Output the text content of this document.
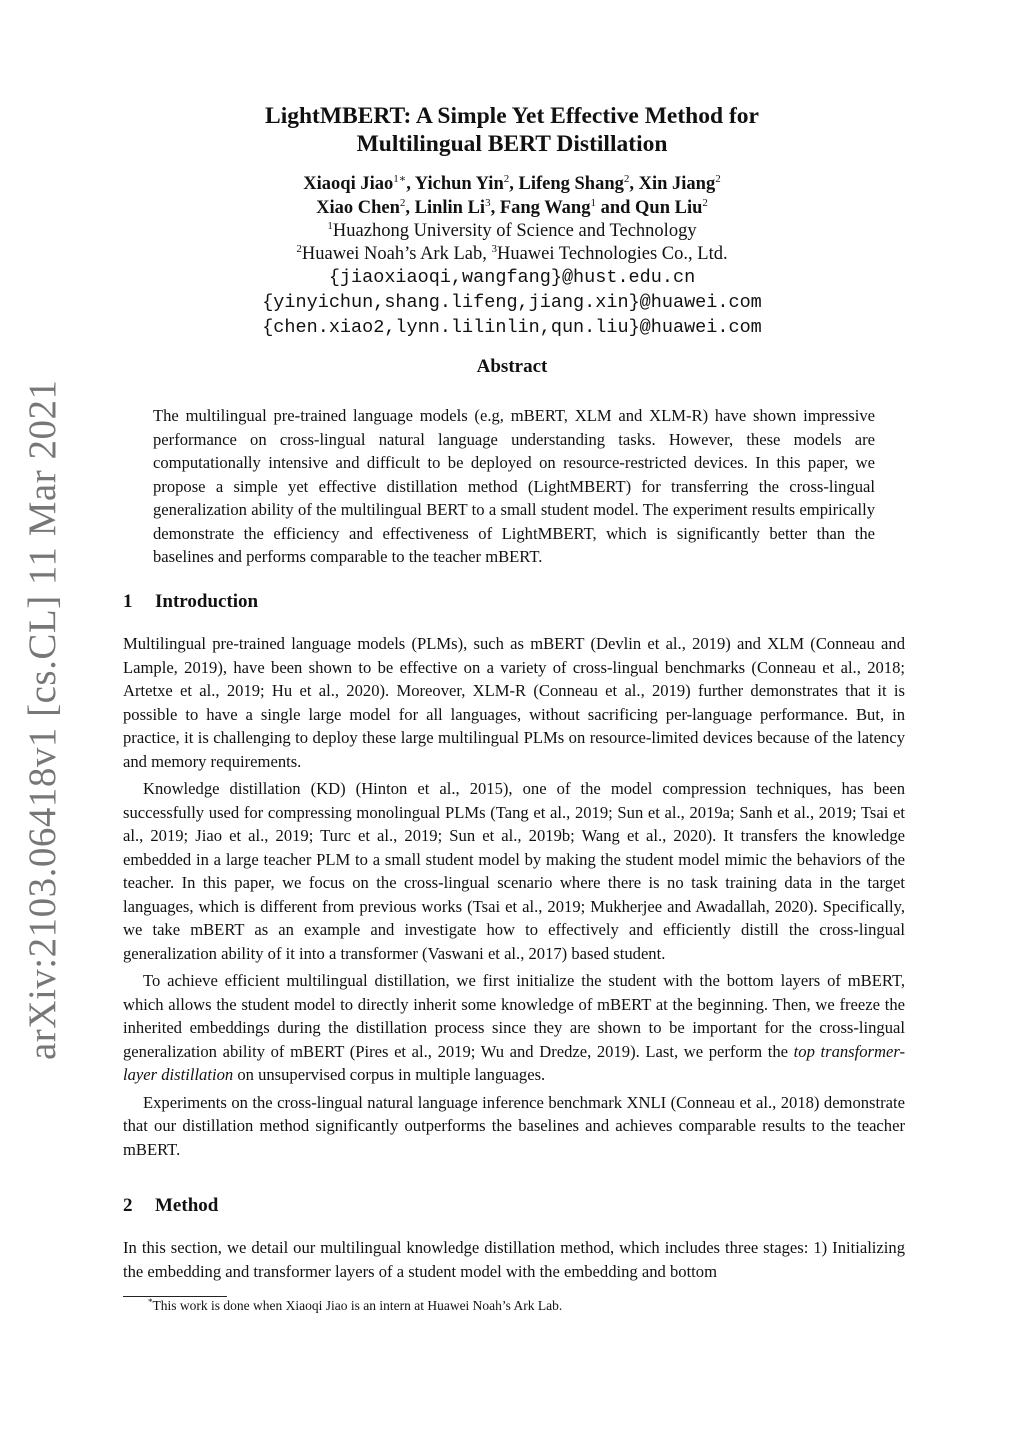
arXiv:2103.06418v1 [cs.CL] 11 Mar 2021
LightMBERT: A Simple Yet Effective Method for
Multilingual BERT Distillation
Xiaoqi Jiao$^{1∗}$, Yichun Yin$^2$, Lifeng Shang$^2$, Xin Jiang$^2$
Xiao Chen$^2$, Linlin Li$^3$, Fang Wang$^1$ and Qun Liu$^2$
$^1$Huazhong University of Science and Technology
$^2$Huawei Noah’s Ark Lab, $^3$Huawei Technologies Co., Ltd.
{jiaoxiaoqi,wangfang}@hust.edu.cn
{yinyichun,shang.lifeng,jiang.xin}@huawei.com
{chen.xiao2,lynn.lilinlin,qun.liu}@huawei.com
Abstract
The multilingual pre-trained language models (e.g, mBERT, XLM and XLM-R) have shown impressive performance on cross-lingual natural language understanding tasks. However, these models are computationally intensive and difficult to be deployed on resource-restricted devices. In this paper, we propose a simple yet effective distillation method (LightMBERT) for transferring the cross-lingual generalization ability of the multilingual BERT to a small student model. The experiment results empirically demonstrate the efficiency and effectiveness of LightMBERT, which is significantly better than the baselines and performs comparable to the teacher mBERT.
1 Introduction

Multilingual pre-trained language models (PLMs), such as mBERT (Devlin et al., 2019) and XLM (Conneau and Lample, 2019), have been shown to be effective on a variety of cross-lingual benchmarks (Conneau et al., 2018; Artetxe et al., 2019; Hu et al., 2020). Moreover, XLM-R (Conneau et al., 2019) further demonstrates that it is possible to have a single large model for all languages, without sacrificing per-language performance. But, in practice, it is challenging to deploy these large multilingual PLMs on resource-limited devices because of the latency and memory requirements.

Knowledge distillation (KD) (Hinton et al., 2015), one of the model compression techniques, has been successfully used for compressing monolingual PLMs (Tang et al., 2019; Sun et al., 2019a; Sanh et al., 2019; Tsai et al., 2019; Jiao et al., 2019; Turc et al., 2019; Sun et al., 2019b; Wang et al., 2020). It transfers the knowledge embedded in a large teacher PLM to a small student model by making the student model mimic the behaviors of the teacher. In this paper, we focus on the cross-lingual scenario where there is no task training data in the target languages, which is different from previous works (Tsai et al., 2019; Mukherjee and Awadallah, 2020). Specifically, we take mBERT as an example and investigate how to effectively and efficiently distill the cross-lingual generalization ability of it into a transformer (Vaswani et al., 2017) based student.

To achieve efficient multilingual distillation, we first initialize the student with the bottom layers of mBERT, which allows the student model to directly inherit some knowledge of mBERT at the beginning. Then, we freeze the inherited embeddings during the distillation process since they are shown to be important for the cross-lingual generalization ability of mBERT (Pires et al., 2019; Wu and Dredze, 2019). Last, we perform the top transformer-layer distillation on unsupervised corpus in multiple languages.

Experiments on the cross-lingual natural language inference benchmark XNLI (Conneau et al., 2018) demonstrate that our distillation method significantly outperforms the baselines and achieves comparable results to the teacher mBERT.

2 Method

In this section, we detail our multilingual knowledge distillation method, which includes three stages: 1) Initializing the embedding and transformer layers of a student model with the embedding and bottom

*This work is done when Xiaoqi Jiao is an intern at Huawei Noah’s Ark Lab.
